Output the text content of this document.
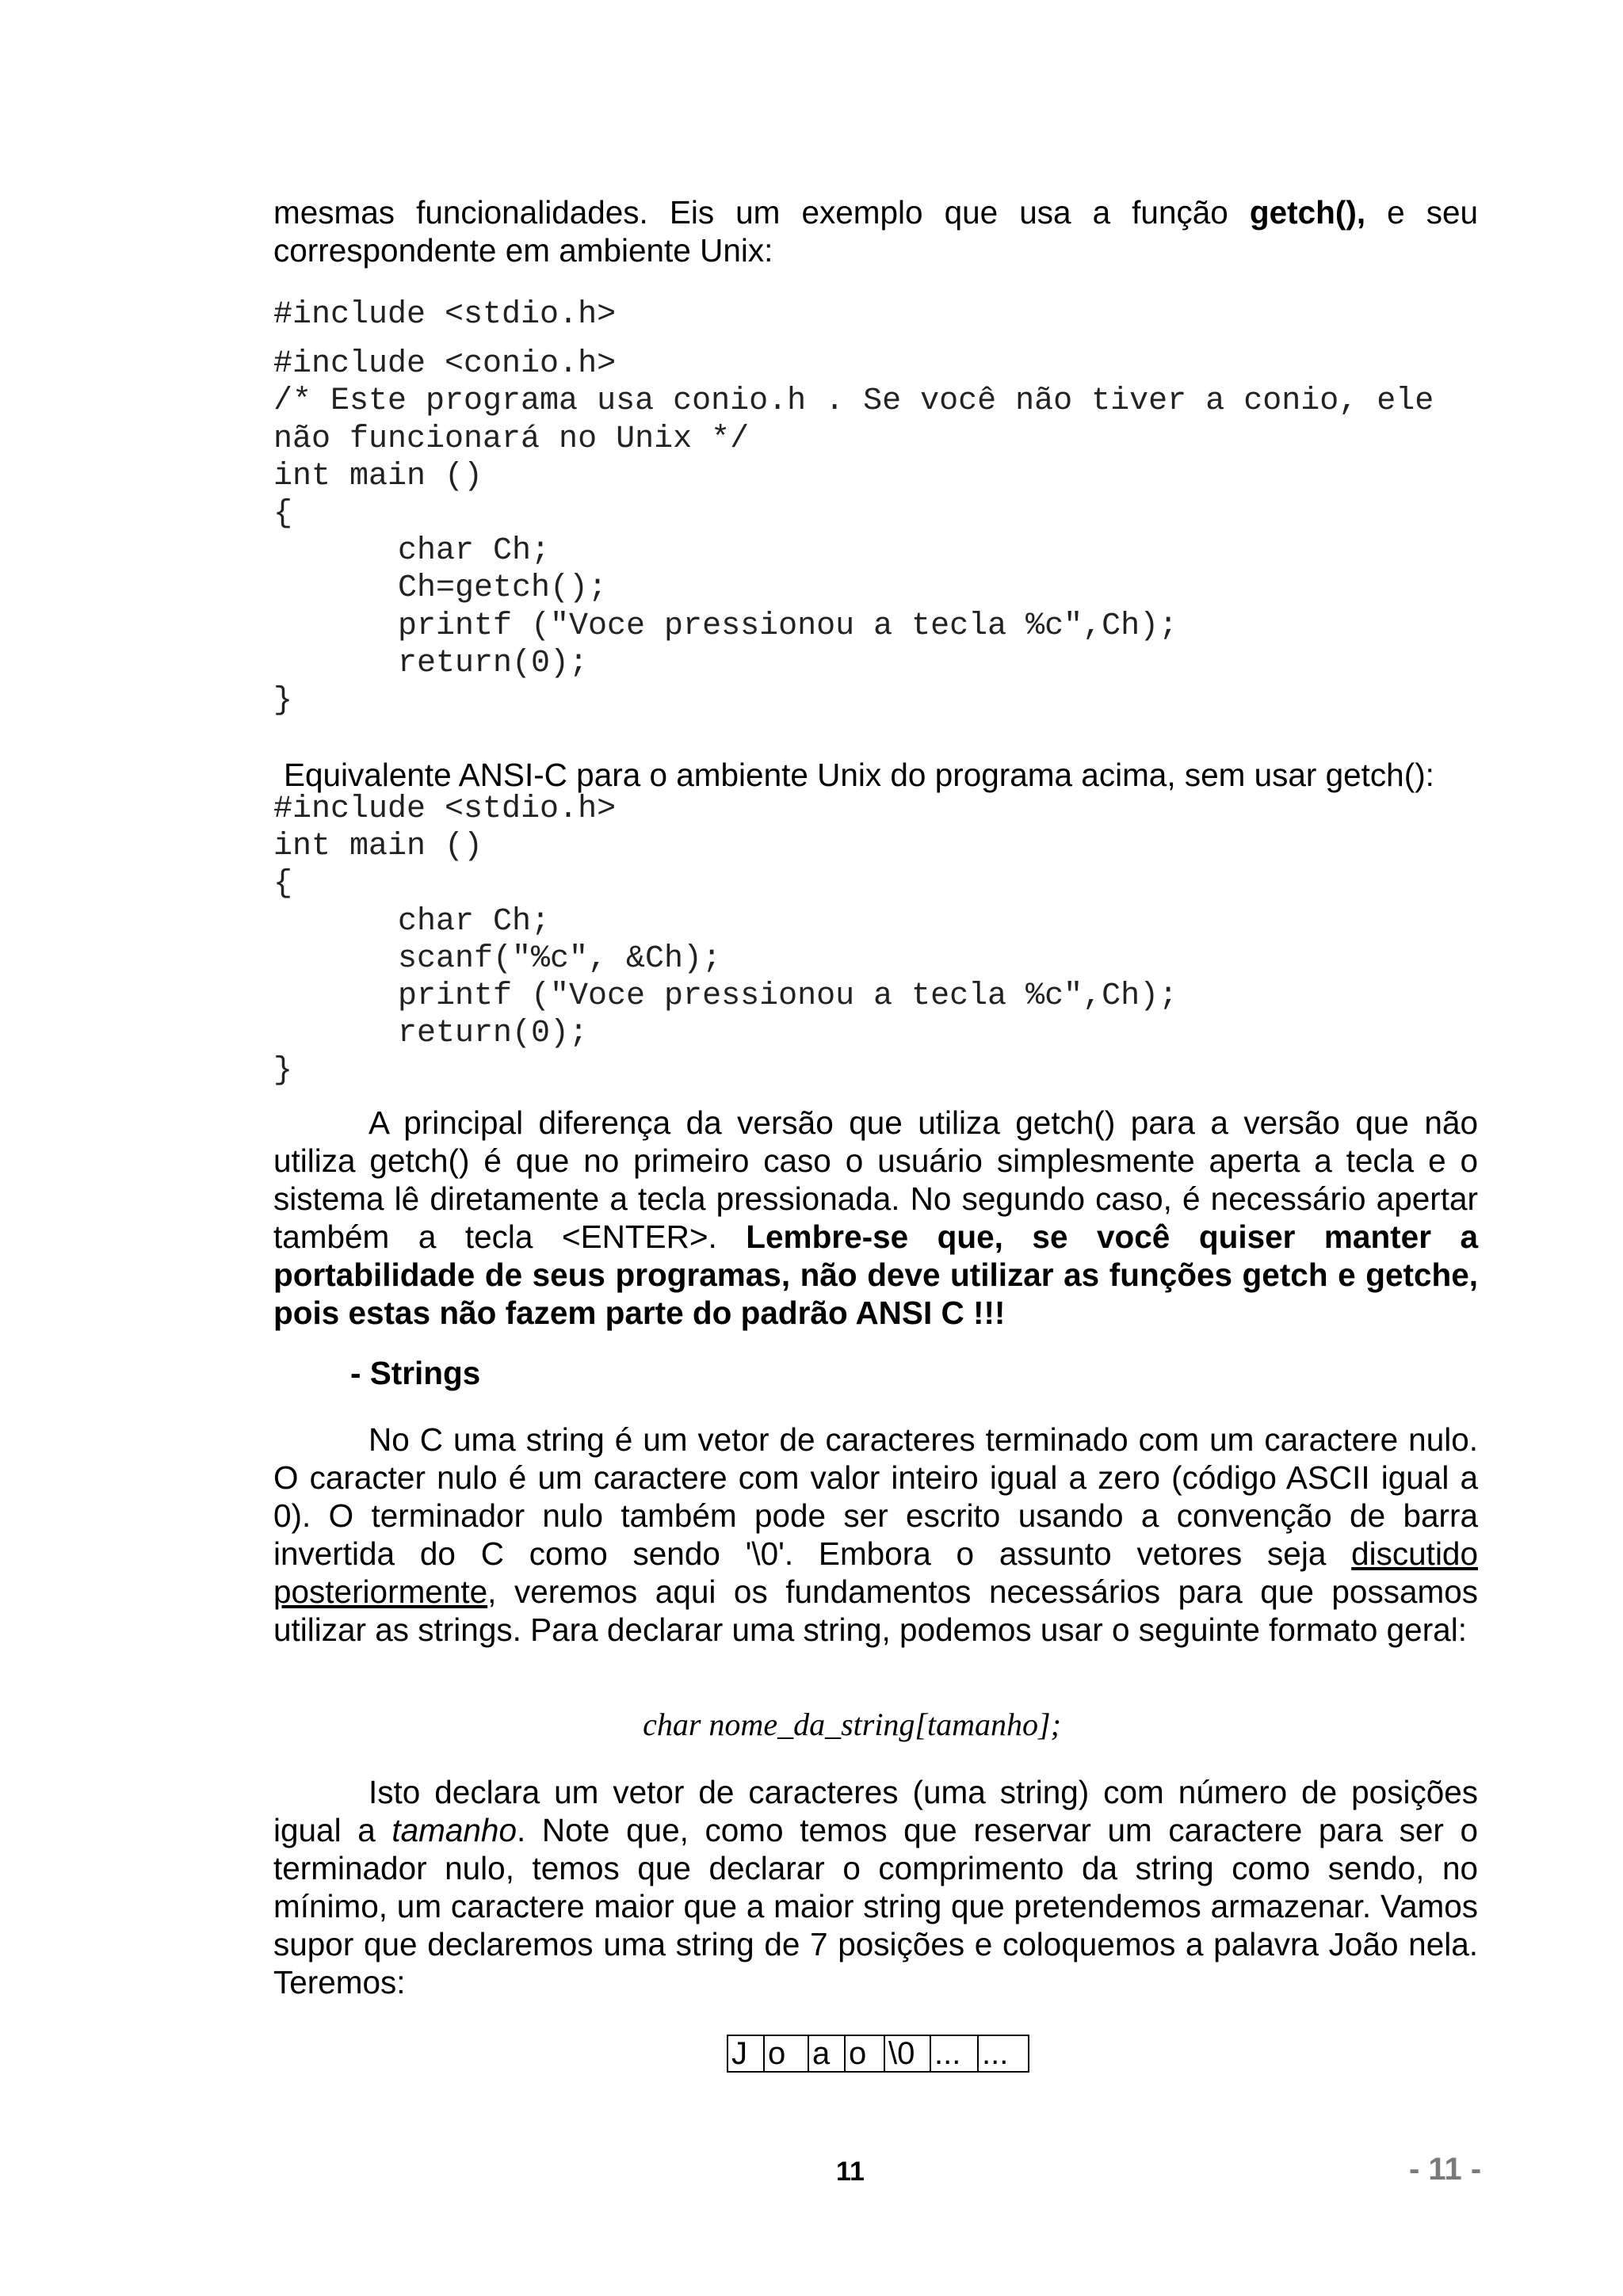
mesmas funcionalidades. Eis um exemplo que usa a função getch(), e seu correspondente em ambiente Unix:

#include <stdio.h>

#include <conio.h>

/* Este programa usa conio.h . Se você não tiver a conio, ele

não funcionará no Unix */

int main ()

{

char Ch;

Ch=getch();

printf ("Voce pressionou a tecla %c",Ch);

return(0);

}

Equivalente ANSI-C para o ambiente Unix do programa acima, sem usar getch():

#include <stdio.h>

int main ()

{

char Ch;

scanf("%c", &Ch);

printf ("Voce pressionou a tecla %c",Ch);

return(0);

}

A principal diferença da versão que utiliza getch() para a versão que não utiliza getch() é que no primeiro caso o usuário simplesmente aperta a tecla e o sistema lê diretamente a tecla pressionada. No segundo caso, é necessário apertar também a tecla <ENTER>. Lembre-se que, se você quiser manter a portabilidade de seus programas, não deve utilizar as funções getch e getche, pois estas não fazem parte do padrão ANSI C !!!

- Strings

No C uma string é um vetor de caracteres terminado com um caractere nulo. O caracter nulo é um caractere com valor inteiro igual a zero (código ASCII igual a 0). O terminador nulo também pode ser escrito usando a convenção de barra invertida do C como sendo '\0'. Embora o assunto vetores seja discutido posteriormente, veremos aqui os fundamentos necessários para que possamos utilizar as strings. Para declarar uma string, podemos usar o seguinte formato geral:

char nome_da_string[tamanho];

Isto declara um vetor de caracteres (uma string) com número de posições igual a tamanho. Note que, como temos que reservar um caractere para ser o terminador nulo, temos que declarar o comprimento da string como sendo, no mínimo, um caractere maior que a maior string que pretendemos armazenar. Vamos supor que declaremos uma string de 7 posições e coloquemos a palavra João nela. Teremos:

J	o	a	o	\0	...	...
11	- 11 -
